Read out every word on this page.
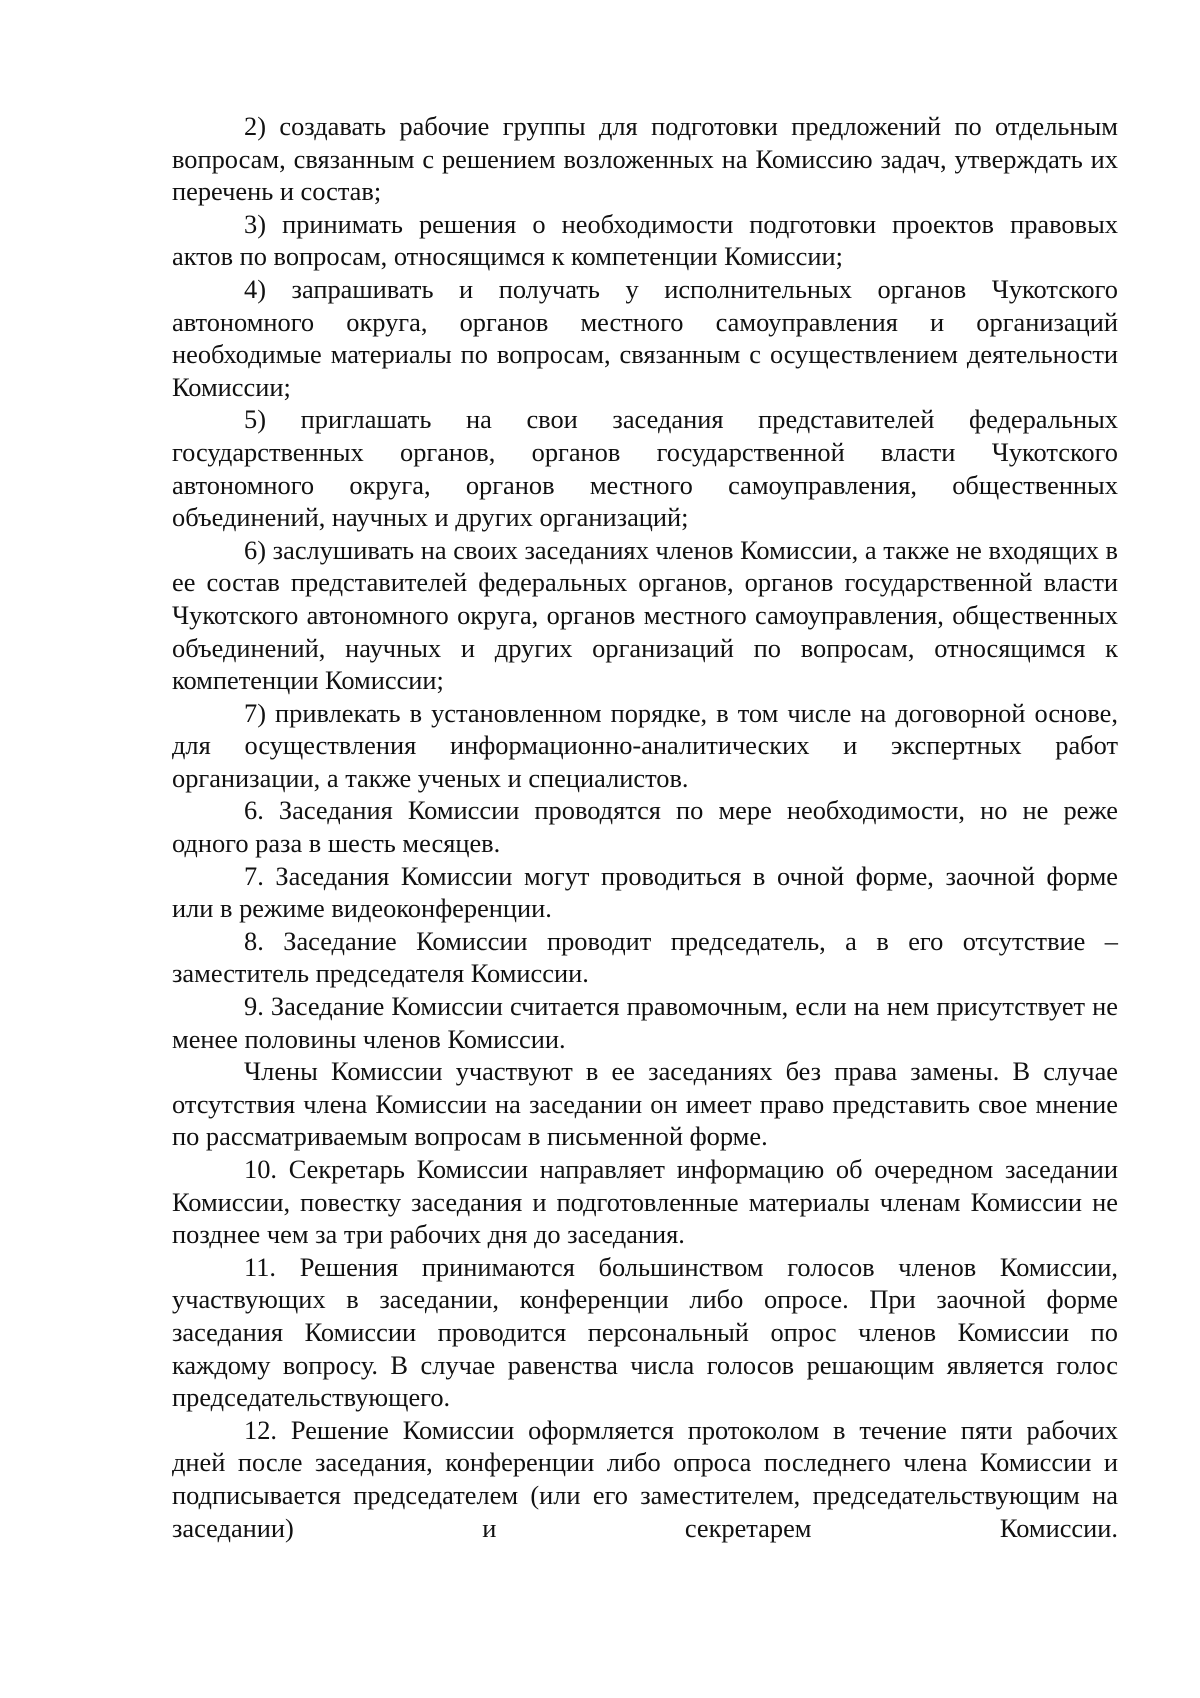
2) создавать рабочие группы для подготовки предложений по отдельным вопросам, связанным с решением возложенных на Комиссию задач, утверждать их перечень и состав;

3) принимать решения о необходимости подготовки проектов правовых актов по вопросам, относящимся к компетенции Комиссии;

4) запрашивать и получать у исполнительных органов Чукотского автономного округа, органов местного самоуправления и организаций необходимые материалы по вопросам, связанным с осуществлением деятельности Комиссии;

5) приглашать на свои заседания представителей федеральных государственных органов, органов государственной власти Чукотского автономного округа, органов местного самоуправления, общественных объединений, научных и других организаций;

6) заслушивать на своих заседаниях членов Комиссии, а также не входящих в ее состав представителей федеральных органов, органов государственной власти Чукотского автономного округа, органов местного самоуправления, общественных объединений, научных и других организаций по вопросам, относящимся к компетенции Комиссии;

7) привлекать в установленном порядке, в том числе на договорной основе, для осуществления информационно-аналитических и экспертных работ организации, а также ученых и специалистов.

6. Заседания Комиссии проводятся по мере необходимости, но не реже одного раза в шесть месяцев.

7. Заседания Комиссии могут проводиться в очной форме, заочной форме или в режиме видеоконференции.

8. Заседание Комиссии проводит председатель, а в его отсутствие – заместитель председателя Комиссии.

9. Заседание Комиссии считается правомочным, если на нем присутствует не менее половины членов Комиссии.

Члены Комиссии участвуют в ее заседаниях без права замены. В случае отсутствия члена Комиссии на заседании он имеет право представить свое мнение по рассматриваемым вопросам в письменной форме.

10. Секретарь Комиссии направляет информацию об очередном заседании Комиссии, повестку заседания и подготовленные материалы членам Комиссии не позднее чем за три рабочих дня до заседания.

11. Решения принимаются большинством голосов членов Комиссии, участвующих в заседании, конференции либо опросе. При заочной форме заседания Комиссии проводится персональный опрос членов Комиссии по каждому вопросу. В случае равенства числа голосов решающим является голос председательствующего.

12. Решение Комиссии оформляется протоколом в течение пяти рабочих дней после заседания, конференции либо опроса последнего члена Комиссии и подписывается председателем (или его заместителем, председательствующим на заседании) и секретарем Комиссии.
